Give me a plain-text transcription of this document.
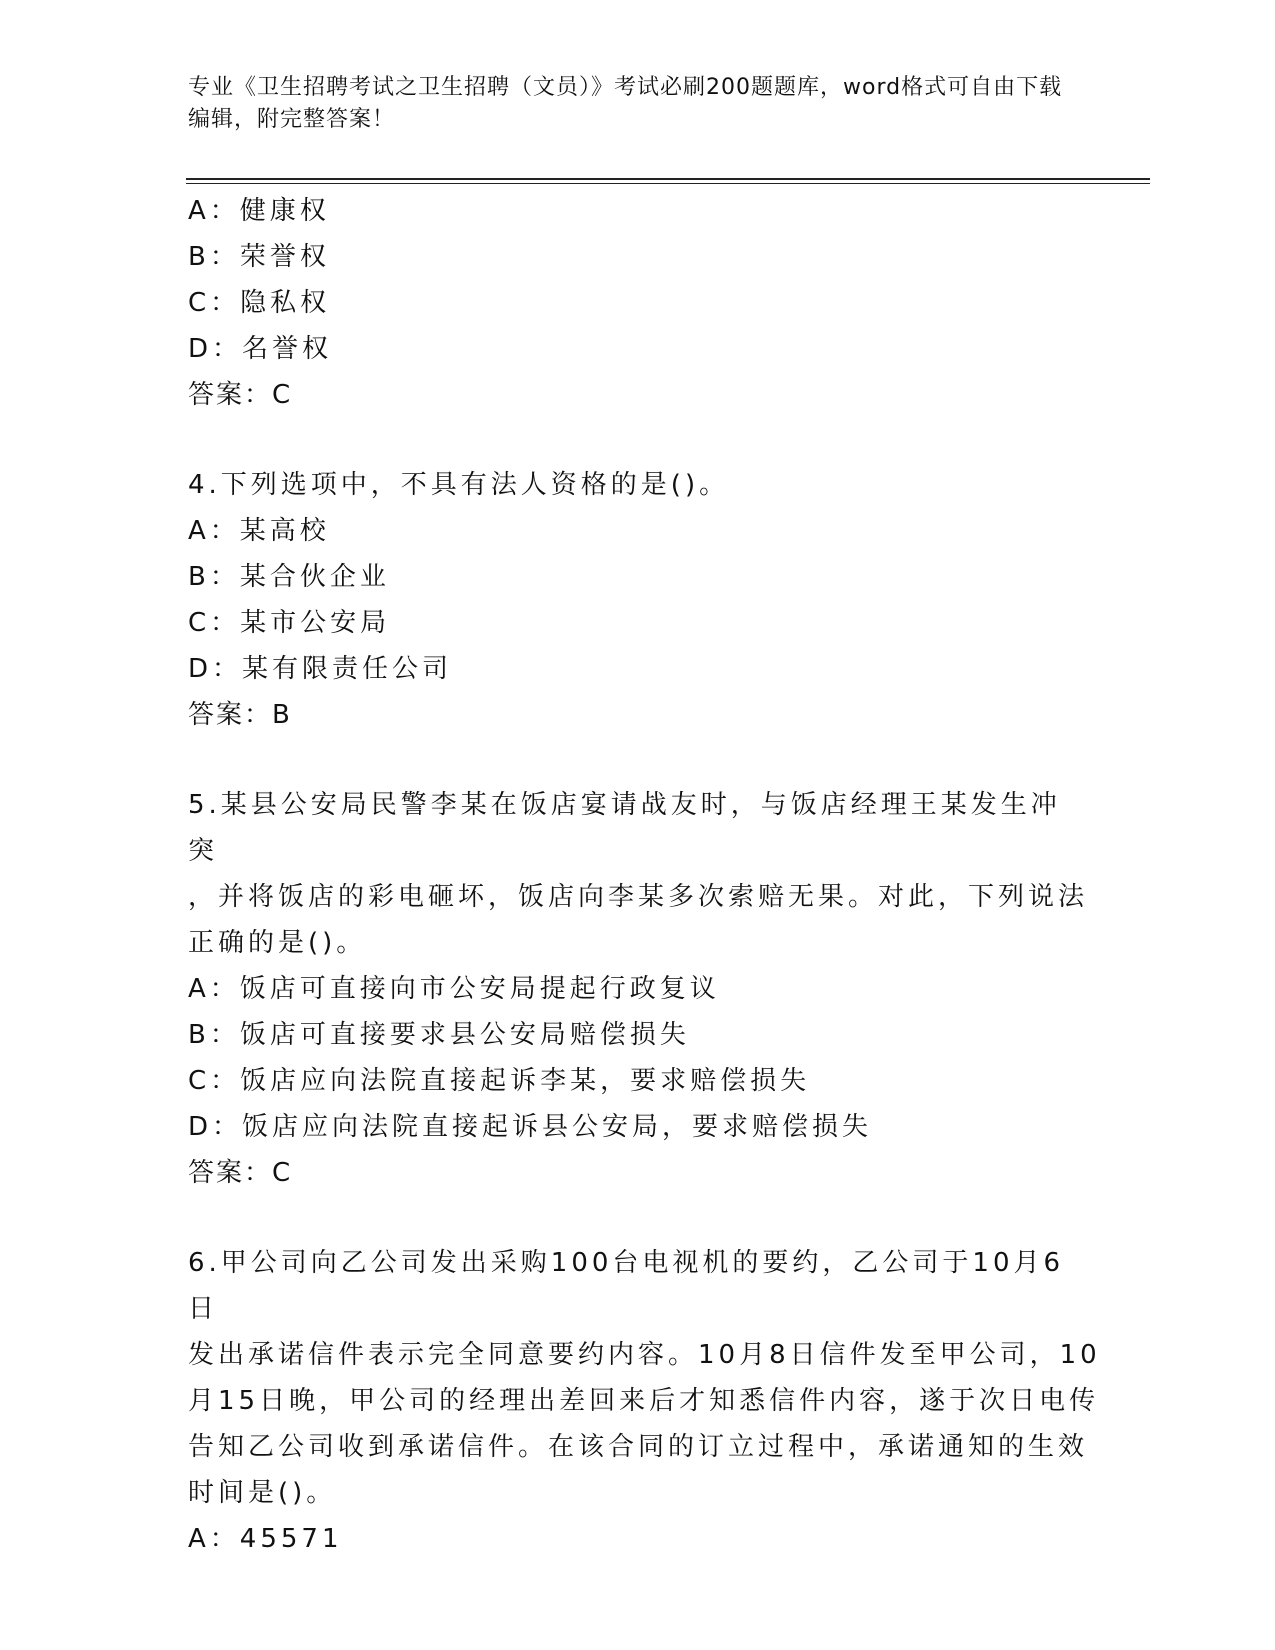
专业《卫生招聘考试之卫生招聘（文员）》考试必刷200题题库，word格式可自由下载编辑，附完整答案！
A：健康权
B：荣誉权
C：隐私权
D：名誉权
答案：C
4.下列选项中，不具有法人资格的是()。
A：某高校
B：某合伙企业
C：某市公安局
D：某有限责任公司
答案：B
5.某县公安局民警李某在饭店宴请战友时，与饭店经理王某发生冲突
，并将饭店的彩电砸坏，饭店向李某多次索赔无果。对此，下列说法
正确的是()。
A：饭店可直接向市公安局提起行政复议
B：饭店可直接要求县公安局赔偿损失
C：饭店应向法院直接起诉李某，要求赔偿损失
D：饭店应向法院直接起诉县公安局，要求赔偿损失
答案：C
6.甲公司向乙公司发出采购100台电视机的要约，乙公司于10月6日
发出承诺信件表示完全同意要约内容。10月8日信件发至甲公司，10
月15日晚，甲公司的经理出差回来后才知悉信件内容，遂于次日电传
告知乙公司收到承诺信件。在该合同的订立过程中，承诺通知的生效
时间是()。
A：45571
